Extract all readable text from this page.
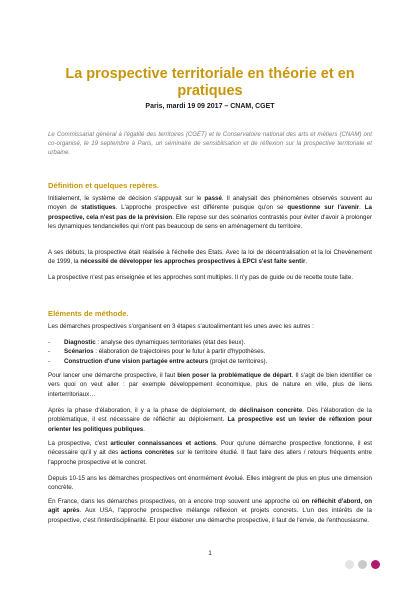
La prospective territoriale en théorie et en pratiques
Paris, mardi 19 09 2017 – CNAM, CGET

Le Commissariat général à l'égalité des territoires (CGET) et le Conservatoire national des arts et métiers (CNAM) ont co-organisé, le 19 septembre à Paris, un séminaire de sensibilisation et de réflexion sur la prospective territoriale et urbaine.

Définition et quelques repères.

Initialement, le système de décision s'appuyait sur le passé. Il analysait des phénomènes observés souvent au moyen de statistiques. L'approche prospective est différente puisque qu'on se questionne sur l'avenir. La prospective, cela n'est pas de la prévision. Elle repose sur des scénarios contrastés pour éviter d'avoir à prolonger les dynamiques tendancielles qui n'ont pas beaucoup de sens en aménagement du territoire.

A ses débuts, la prospective était réalisée à l'échelle des Etats. Avec la loi de décentralisation et la loi Chevènement de 1999, la nécessité de développer les approches prospectives à EPCI s'est faite sentir.

La prospective n'est pas enseignée et les approches sont multiples. Il n'y pas de guide ou de recette toute faite.

Eléments de méthode.

Les démarches prospectives s'organisent en 3 étapes s'autoalimentant les unes avec les autres :

- Diagnostic : analyse des dynamiques territoriales (état des lieux).
- Scénarios : élaboration de trajectoires pour le futur à partir d'hypothèses.
- Construction d'une vision partagée entre acteurs (projet de territoires).

Pour lancer une démarche prospective, il faut bien poser la problématique de départ. Il s'agit de bien identifier ce vers quoi on veut aller : par exemple développement économique, plus de nature en ville, plus de liens interterritoriaux…

Après la phase d'élaboration, il y a la phase de déploiement, de déclinaison concrète. Dès l'élaboration de la problématique, il est nécessaire de réfléchir au déploiement. La prospective est un levier de réflexion pour orienter les politiques publiques.

La prospective, c'est articuler connaissances et actions. Pour qu'une démarche prospective fonctionne, il est nécessaire qu'il y ait des actions concrètes sur le territoire étudié. Il faut faire des allers / retours fréquents entre l'approche prospective et le concret.

Depuis 10-15 ans les démarches prospectives ont énormément évolué. Elles intègrent de plus en plus une dimension concrète.

En France, dans les démarches prospectives, on a encore trop souvent une approche où on réfléchit d'abord, on agit après. Aux USA, l'approche prospective mélange réflexion et projets concrets. L'un des intérêts de la prospective, c'est l'interdisciplinarité. Et pour élaborer une démarche prospective, il faut de l'envie, de l'enthousiasme.

1
